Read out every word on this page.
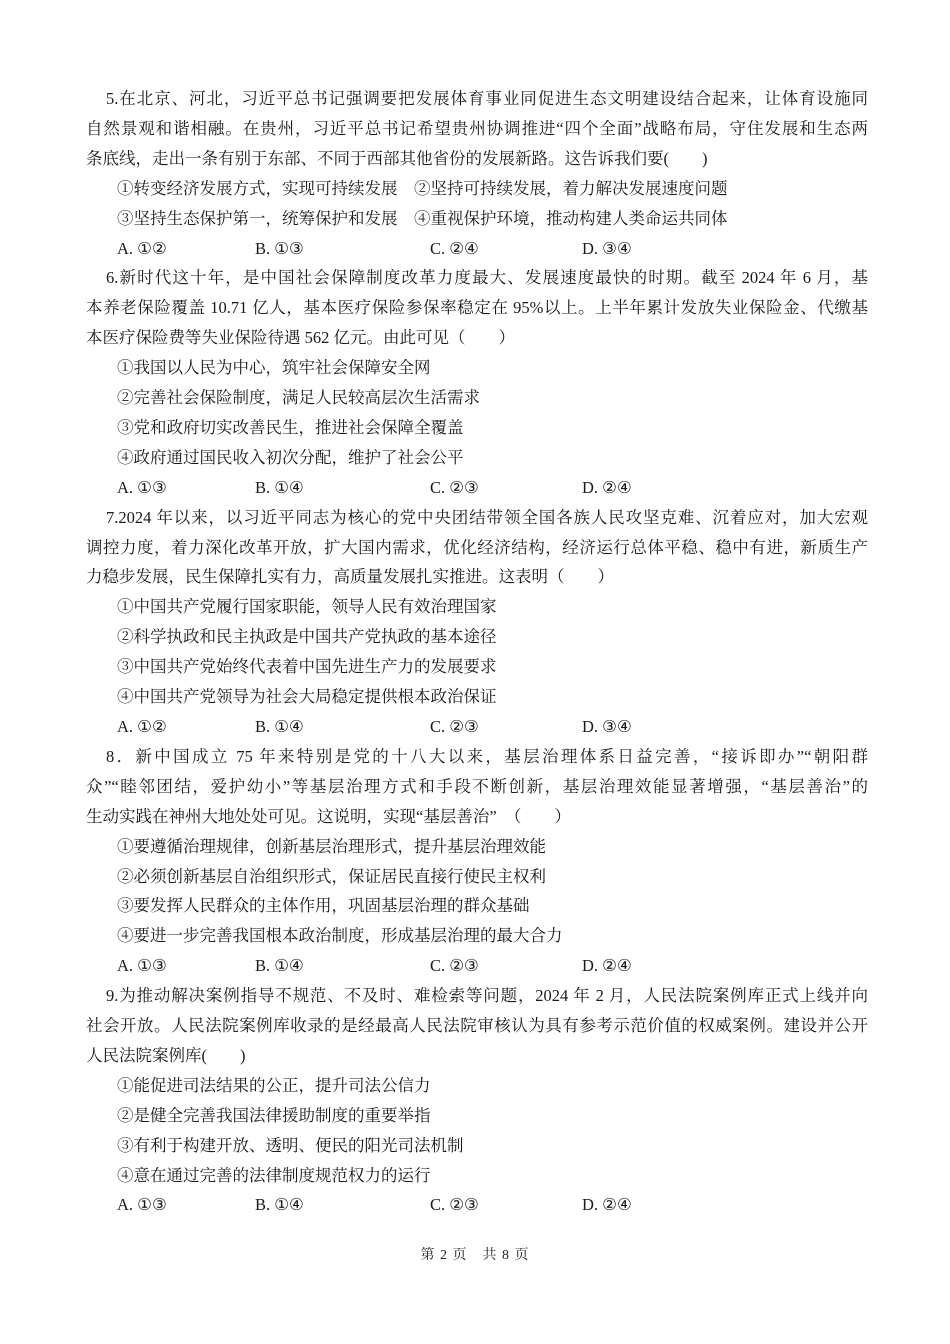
5.在北京、河北，习近平总书记强调要把发展体育事业同促进生态文明建设结合起来，让体育设施同
自然景观和谐相融。在贵州，习近平总书记希望贵州协调推进“四个全面”战略布局，守住发展和生态两
条底线，走出一条有别于东部、不同于西部其他省份的发展新路。这告诉我们要(　　)
①转变经济发展方式，实现可持续发展　②坚持可持续发展，着力解决发展速度问题
③坚持生态保护第一，统筹保护和发展　④重视保护环境，推动构建人类命运共同体

A. ①②

	B. ①③

	C. ②④

	D. ③④

6.新时代这十年，是中国社会保障制度改革力度最大、发展速度最快的时期。截至 2024 年 6 月，基
本养老保险覆盖 10.71 亿人，基本医疗保险参保率稳定在 95%以上。上半年累计发放失业保险金、代缴基
本医疗保险费等失业保险待遇 562 亿元。由此可见（　　）
①我国以人民为中心，筑牢社会保障安全网
②完善社会保险制度，满足人民较高层次生活需求
③党和政府切实改善民生，推进社会保障全覆盖
④政府通过国民收入初次分配，维护了社会公平

A. ①③

	B. ①④

	C. ②③

	D. ②④

7.2024 年以来，以习近平同志为核心的党中央团结带领全国各族人民攻坚克难、沉着应对，加大宏观
调控力度，着力深化改革开放，扩大国内需求，优化经济结构，经济运行总体平稳、稳中有进，新质生产
力稳步发展，民生保障扎实有力，高质量发展扎实推进。这表明（　　）
①中国共产党履行国家职能，领导人民有效治理国家
②科学执政和民主执政是中国共产党执政的基本途径
③中国共产党始终代表着中国先进生产力的发展要求
④中国共产党领导为社会大局稳定提供根本政治保证

A. ①②

	B. ①④

	C. ②③

	D. ③④

8．新中国成立 75 年来特别是党的十八大以来，基层治理体系日益完善，“接诉即办”“朝阳群
众”“睦邻团结，爱护幼小”等基层治理方式和手段不断创新，基层治理效能显著增强，“基层善治”的
生动实践在神州大地处处可见。这说明，实现“基层善治”　（　　）
①要遵循治理规律，创新基层治理形式，提升基层治理效能
②必须创新基层自治组织形式，保证居民直接行使民主权利
③要发挥人民群众的主体作用，巩固基层治理的群众基础
④要进一步完善我国根本政治制度，形成基层治理的最大合力

A. ①③

	B. ①④

	C. ②③

	D. ②④

9.为推动解决案例指导不规范、不及时、难检索等问题，2024 年 2 月，人民法院案例库正式上线并向
社会开放。人民法院案例库收录的是经最高人民法院审核认为具有参考示范价值的权威案例。建设并公开
人民法院案例库(　　)
①能促进司法结果的公正，提升司法公信力
②是健全完善我国法律援助制度的重要举指
③有利于构建开放、透明、便民的阳光司法机制
④意在通过完善的法律制度规范权力的运行

A. ①③

	B. ①④

	C. ②③

	D. ②④

第 2 页　共 8 页
